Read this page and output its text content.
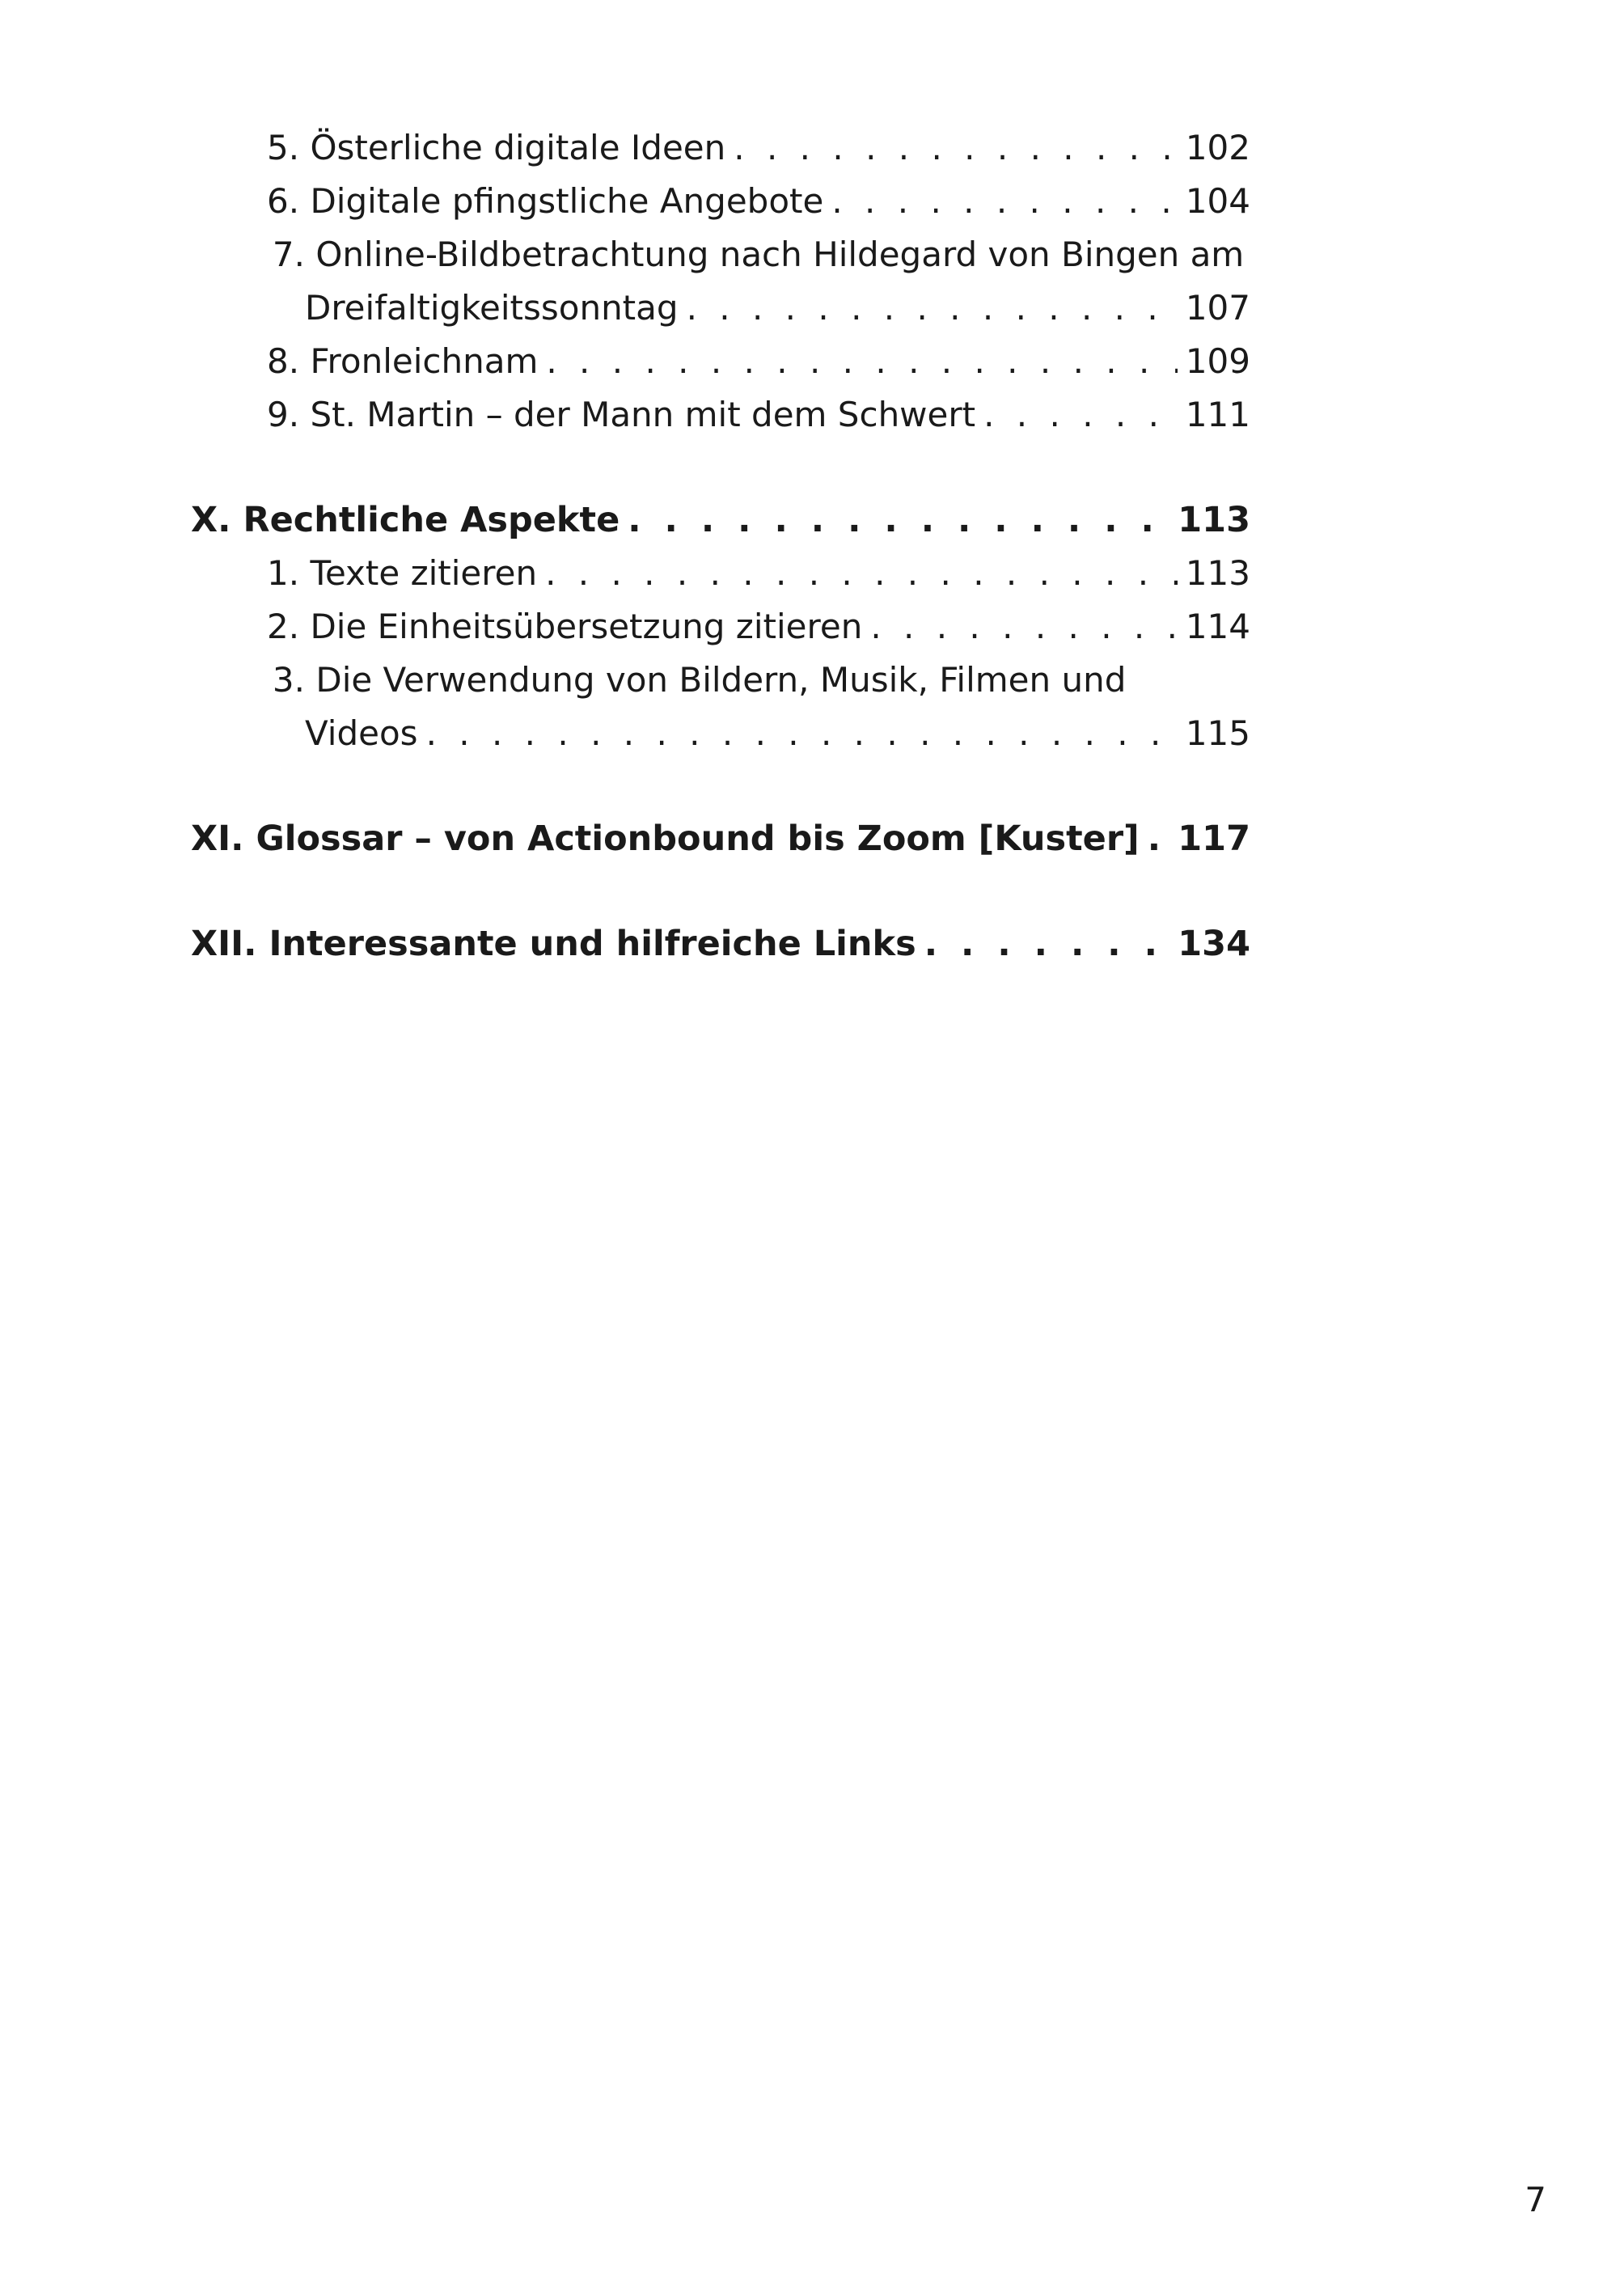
5.
Österliche digitale Ideen . . .	102
6.
Digitale pfingstliche Angebote . . .	104
7. Online-Bildbetrachtung nach Hildegard von Bingen am
Dreifaltigkeitssonntag . . .	107
8.
Fronleichnam . . .	109
9.
St. Martin – der Mann mit dem Schwert . . .	111
X. Rechtliche Aspekte . . .	113
1.
Texte zitieren . . .	113
2.
Die Einheitsübersetzung zitieren . . .	114
3. Die Verwendung von Bildern, Musik, Filmen und
Videos . . .	115
XI. Glossar – von Actionbound bis Zoom [Kuster] . . . 117
XII. Interessante und hilfreiche Links . . .	134
7
